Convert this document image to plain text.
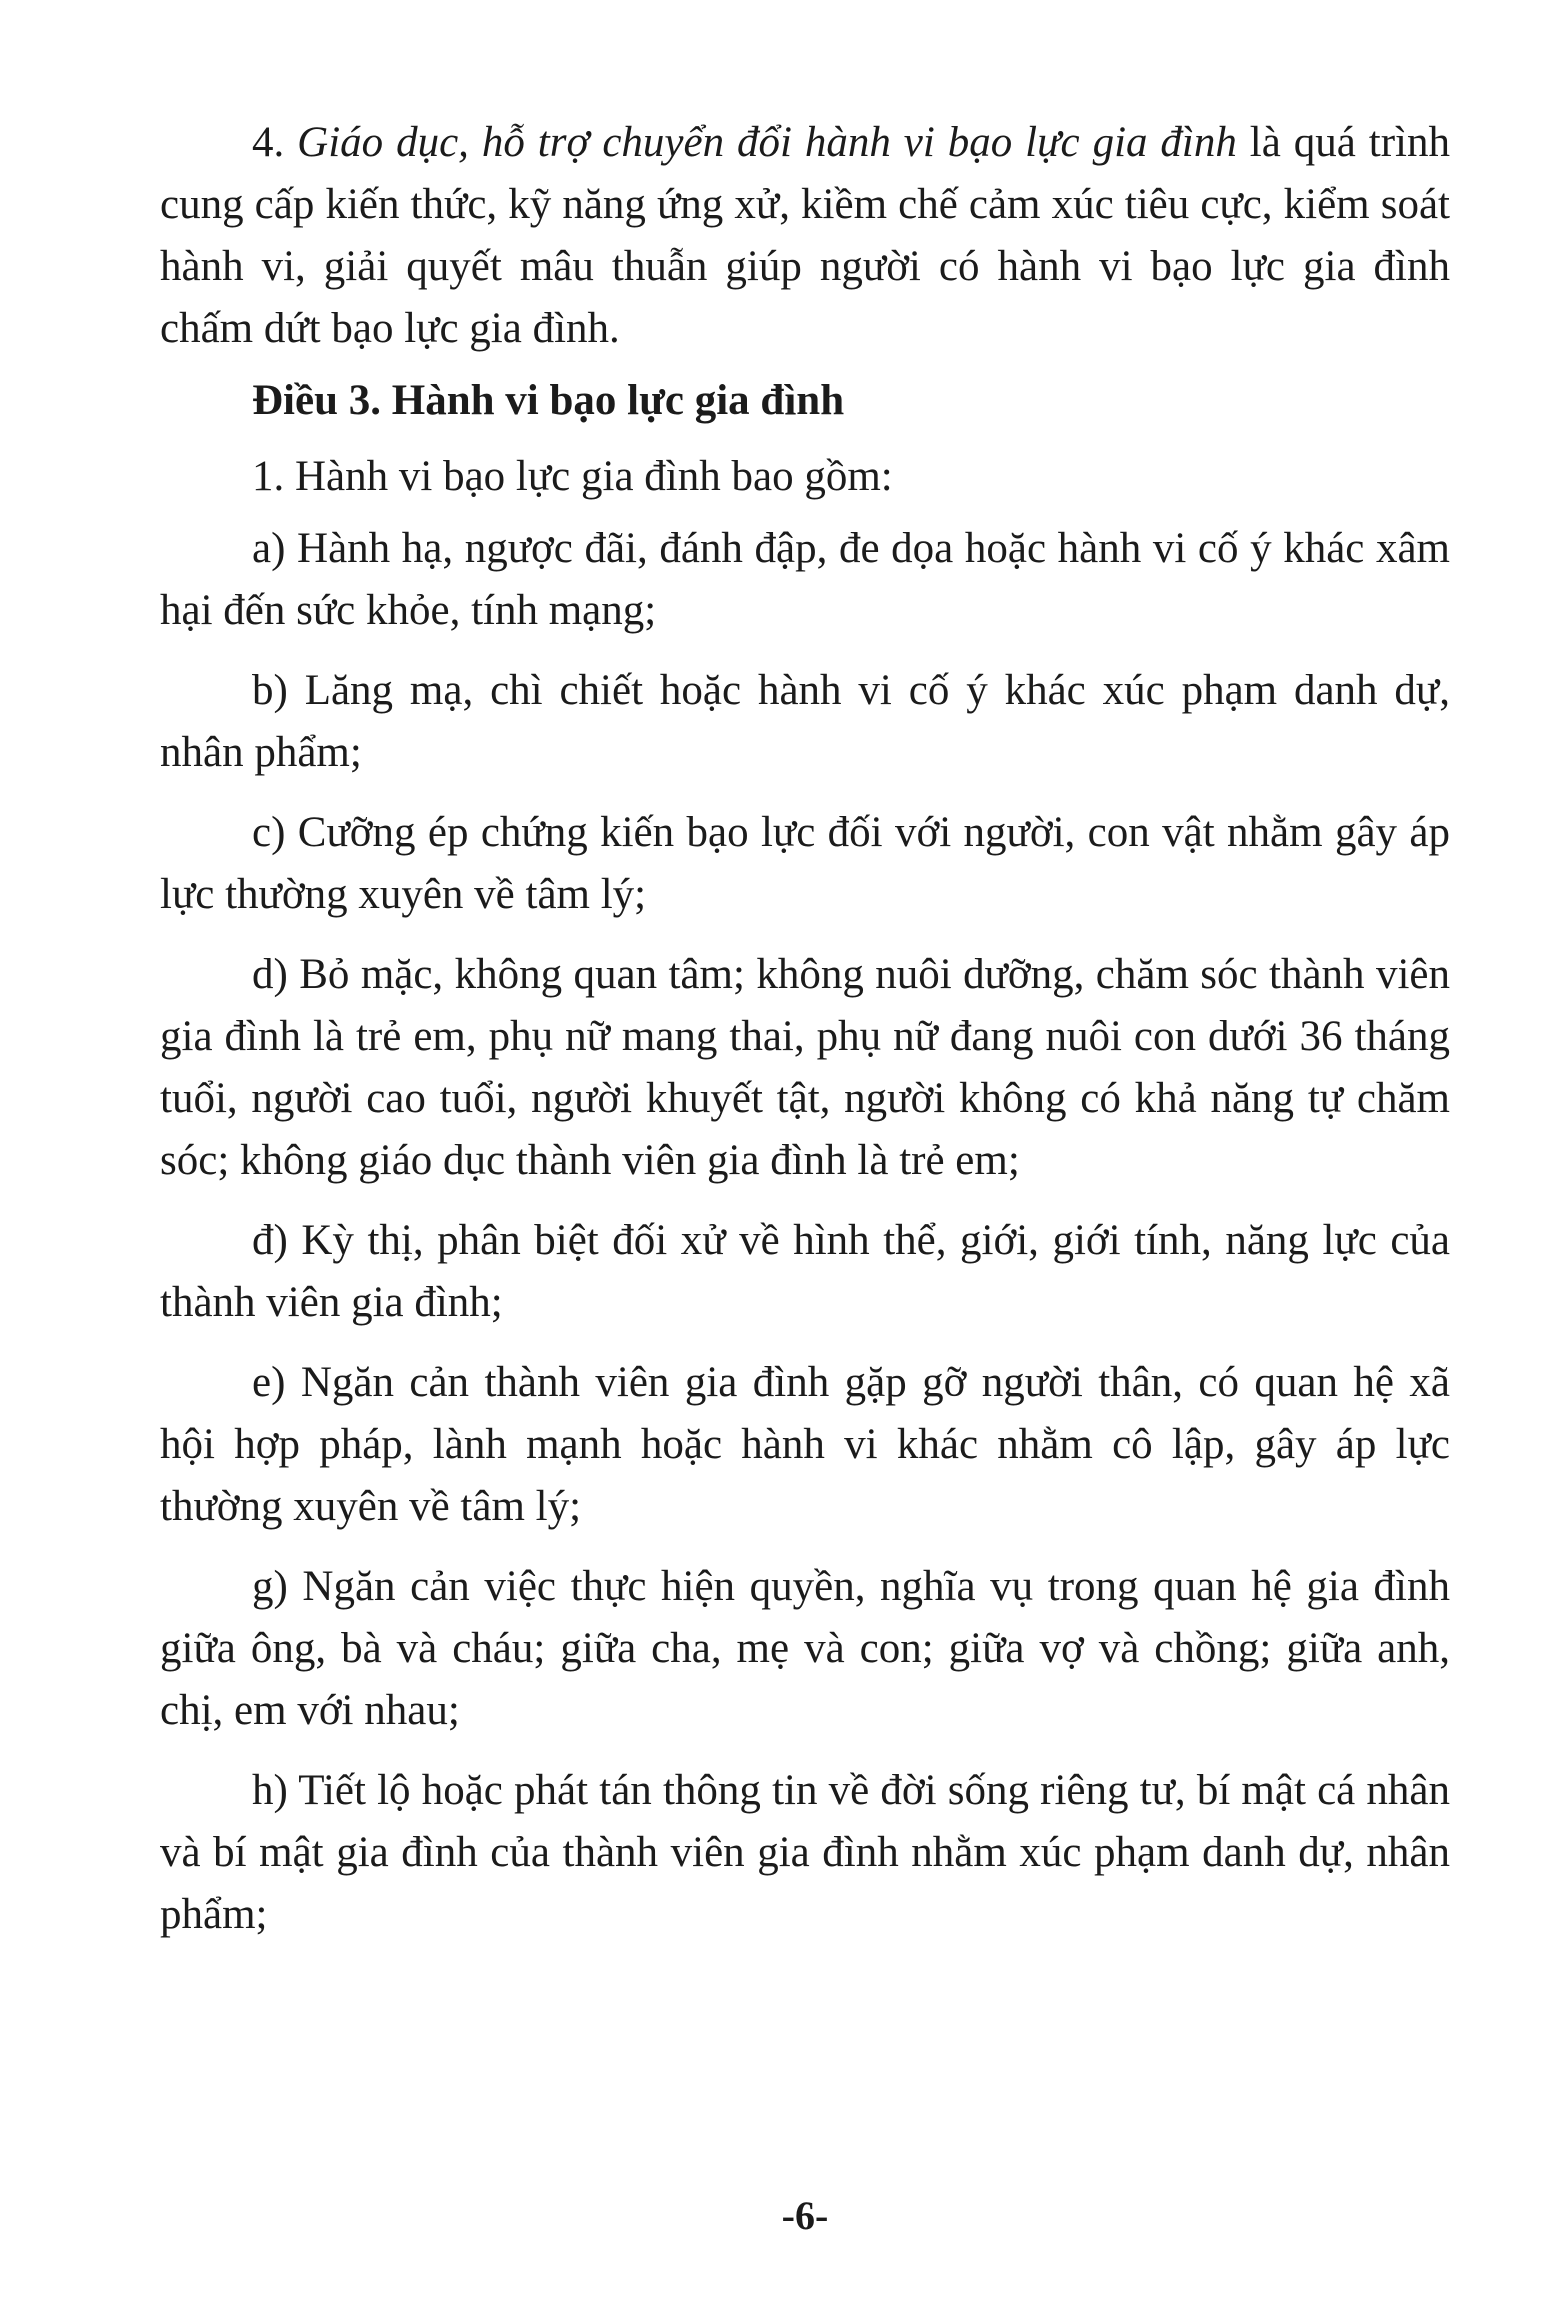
4. Giáo dục, hỗ trợ chuyển đổi hành vi bạo lực gia đình là quá trình cung cấp kiến thức, kỹ năng ứng xử, kiềm chế cảm xúc tiêu cực, kiểm soát hành vi, giải quyết mâu thuẫn giúp người có hành vi bạo lực gia đình chấm dứt bạo lực gia đình.

Điều 3. Hành vi bạo lực gia đình

1. Hành vi bạo lực gia đình bao gồm:

a) Hành hạ, ngược đãi, đánh đập, đe dọa hoặc hành vi cố ý khác xâm hại đến sức khỏe, tính mạng;

b) Lăng mạ, chì chiết hoặc hành vi cố ý khác xúc phạm danh dự, nhân phẩm;

c) Cưỡng ép chứng kiến bạo lực đối với người, con vật nhằm gây áp lực thường xuyên về tâm lý;

d) Bỏ mặc, không quan tâm; không nuôi dưỡng, chăm sóc thành viên gia đình là trẻ em, phụ nữ mang thai, phụ nữ đang nuôi con dưới 36 tháng tuổi, người cao tuổi, người khuyết tật, người không có khả năng tự chăm sóc; không giáo dục thành viên gia đình là trẻ em;

đ) Kỳ thị, phân biệt đối xử về hình thể, giới, giới tính, năng lực của thành viên gia đình;

e) Ngăn cản thành viên gia đình gặp gỡ người thân, có quan hệ xã hội hợp pháp, lành mạnh hoặc hành vi khác nhằm cô lập, gây áp lực thường xuyên về tâm lý;

g) Ngăn cản việc thực hiện quyền, nghĩa vụ trong quan hệ gia đình giữa ông, bà và cháu; giữa cha, mẹ và con; giữa vợ và chồng; giữa anh, chị, em với nhau;

h) Tiết lộ hoặc phát tán thông tin về đời sống riêng tư, bí mật cá nhân và bí mật gia đình của thành viên gia đình nhằm xúc phạm danh dự, nhân phẩm;

-6-
